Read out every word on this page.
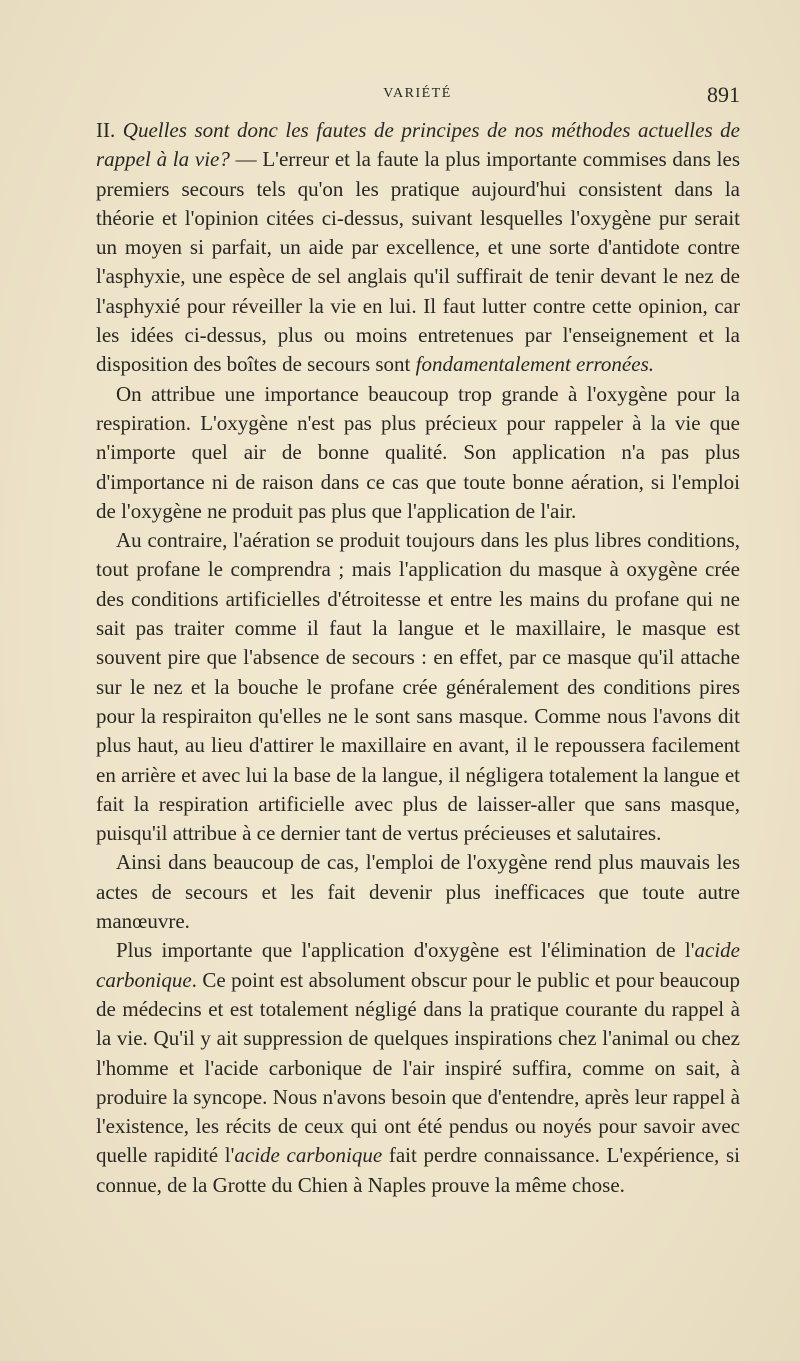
VARIÉTÉ	891

II. Quelles sont donc les fautes de principes de nos méthodes actuelles de rappel à la vie? — L'erreur et la faute la plus importante commises dans les premiers secours tels qu'on les pratique aujourd'hui consistent dans la théorie et l'opinion citées ci-dessus, suivant lesquelles l'oxygène pur serait un moyen si parfait, un aide par excellence, et une sorte d'antidote contre l'asphyxie, une espèce de sel anglais qu'il suffirait de tenir devant le nez de l'asphyxié pour réveiller la vie en lui. Il faut lutter contre cette opinion, car les idées ci-dessus, plus ou moins entretenues par l'enseignement et la disposition des boîtes de secours sont fondamentalement erronées.

On attribue une importance beaucoup trop grande à l'oxygène pour la respiration. L'oxygène n'est pas plus précieux pour rappeler à la vie que n'importe quel air de bonne qualité. Son application n'a pas plus d'importance ni de raison dans ce cas que toute bonne aération, si l'emploi de l'oxygène ne produit pas plus que l'application de l'air.

Au contraire, l'aération se produit toujours dans les plus libres conditions, tout profane le comprendra ; mais l'application du masque à oxygène crée des conditions artificielles d'étroitesse et entre les mains du profane qui ne sait pas traiter comme il faut la langue et le maxillaire, le masque est souvent pire que l'absence de secours : en effet, par ce masque qu'il attache sur le nez et la bouche le profane crée généralement des conditions pires pour la respiraiton qu'elles ne le sont sans masque. Comme nous l'avons dit plus haut, au lieu d'attirer le maxillaire en avant, il le repoussera facilement en arrière et avec lui la base de la langue, il négligera totalement la langue et fait la respiration artificielle avec plus de laisser-aller que sans masque, puisqu'il attribue à ce dernier tant de vertus précieuses et salutaires.

Ainsi dans beaucoup de cas, l'emploi de l'oxygène rend plus mauvais les actes de secours et les fait devenir plus inefficaces que toute autre manœuvre.

Plus importante que l'application d'oxygène est l'élimination de l'acide carbonique. Ce point est absolument obscur pour le public et pour beaucoup de médecins et est totalement négligé dans la pratique courante du rappel à la vie. Qu'il y ait suppression de quelques inspirations chez l'animal ou chez l'homme et l'acide carbonique de l'air inspiré suffira, comme on sait, à produire la syncope. Nous n'avons besoin que d'entendre, après leur rappel à l'existence, les récits de ceux qui ont été pendus ou noyés pour savoir avec quelle rapidité l'acide carbonique fait perdre connaissance. L'expérience, si connue, de la Grotte du Chien à Naples prouve la même chose.
